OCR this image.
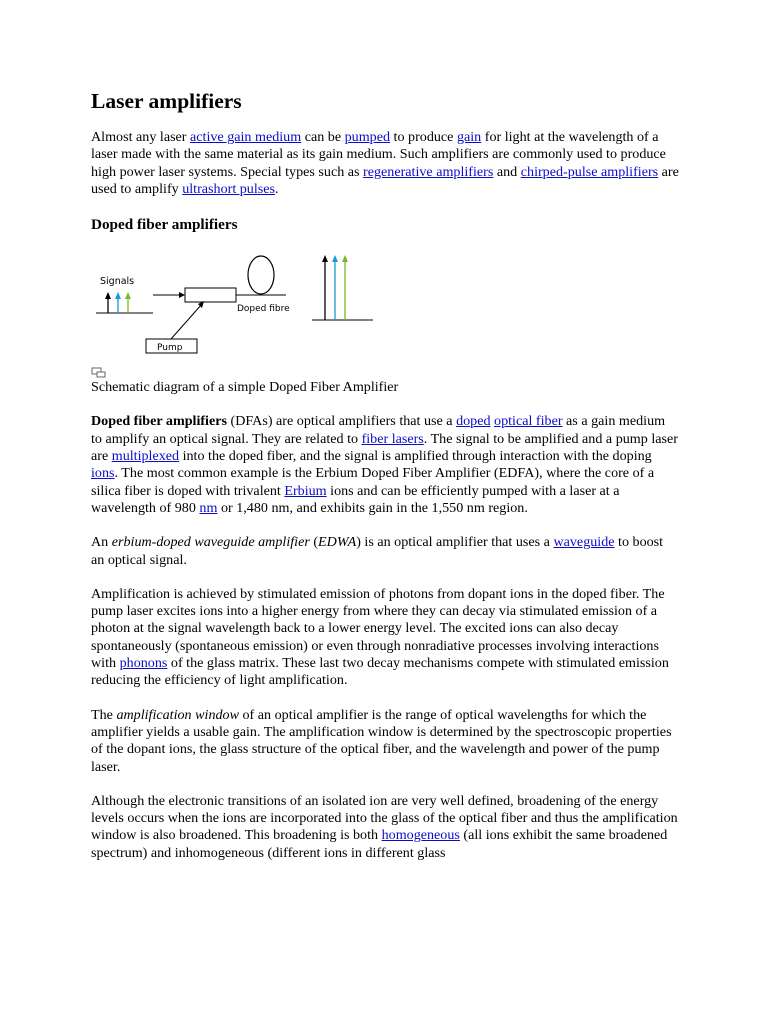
Laser amplifiers

Almost any laser active gain medium can be pumped to produce gain for light at the wavelength of a laser made with the same material as its gain medium. Such amplifiers are commonly used to produce high power laser systems. Special types such as regenerative amplifiers and chirped-pulse amplifiers are used to amplify ultrashort pulses.

Doped fiber amplifiers
Signals
Doped fibre
Pump

Schematic diagram of a simple Doped Fiber Amplifier

Doped fiber amplifiers (DFAs) are optical amplifiers that use a doped optical fiber as a gain medium to amplify an optical signal. They are related to fiber lasers. The signal to be amplified and a pump laser are multiplexed into the doped fiber, and the signal is amplified through interaction with the doping ions. The most common example is the Erbium Doped Fiber Amplifier (EDFA), where the core of a silica fiber is doped with trivalent Erbium ions and can be efficiently pumped with a laser at a wavelength of 980 nm or 1,480 nm, and exhibits gain in the 1,550 nm region.

An erbium-doped waveguide amplifier (EDWA) is an optical amplifier that uses a waveguide to boost an optical signal.

Amplification is achieved by stimulated emission of photons from dopant ions in the doped fiber. The pump laser excites ions into a higher energy from where they can decay via stimulated emission of a photon at the signal wavelength back to a lower energy level. The excited ions can also decay spontaneously (spontaneous emission) or even through nonradiative processes involving interactions with phonons of the glass matrix. These last two decay mechanisms compete with stimulated emission reducing the efficiency of light amplification.

The amplification window of an optical amplifier is the range of optical wavelengths for which the amplifier yields a usable gain. The amplification window is determined by the spectroscopic properties of the dopant ions, the glass structure of the optical fiber, and the wavelength and power of the pump laser.

Although the electronic transitions of an isolated ion are very well defined, broadening of the energy levels occurs when the ions are incorporated into the glass of the optical fiber and thus the amplification window is also broadened. This broadening is both homogeneous (all ions exhibit the same broadened spectrum) and inhomogeneous (different ions in different glass
